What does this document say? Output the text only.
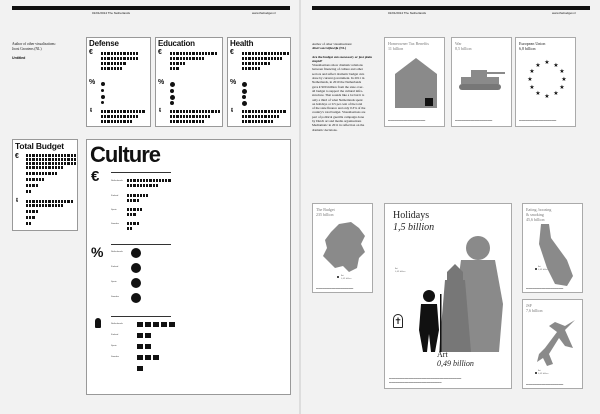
01/01/2014 The Netherlands	www.thebudget.nl
Author of other visualisations:
Joost Grootens (NL)
Untitled
Defense
€
%
ŧ
Education
€
%
ŧ
Health
€
%
ŧ
Total Budget
€
ŧ
Culture
€
%
Netherlands
Finland
Spain
Sweden
Netherlands
Finland
Spain
Sweden
Netherlands
Finland
Spain
Sweden
01/01/2014 The Netherlands	www.thebudget.nl
Author of other visualisations:
Abel van Gijlswijk (NL)
Are the budget cuts necessary or just plain stupid?
Visualisations show dramatic relations
between financing of culture and other
sectors and reflect dramatic budget cuts
done by current government. In 2011 in
Netherlands, in 2010 the Netherlands
gave € 900 million from the state over-
all budget to support the cultural infra-
structure. That sounds like a lot but it is
only a third of what Netherlands spent
on holidays or 0.5 per cent of the total
of the state finance and only 0.3% of the
country's total budget. Visualisations are
part of political guerilla campaign done
by Dutch art and media organisations
Mediamatic in 2011 in reflection on the
dramatic decisions.
Homeowner Tax Benefits
11 billion
▬▬▬▬▬▬▬▬▬▬▬▬▬▬▬▬▬
War
8,5 billion
▬▬▬▬▬▬▬▬▬▬▬▬▬▬▬▬▬
European Union
6,8 billion
★ ★
★
★
★
★
★
★
★
★
★
★
▬▬▬▬▬▬▬▬▬▬▬▬▬▬▬▬▬
The Budget
235 billion
Art
0,49 billion
▬▬▬▬▬▬▬▬▬▬▬▬▬▬▬▬▬
Holidays
1,5 billion
✝
Art
0,49 billion
Art
0,49 billion
▬▬▬▬▬▬▬▬▬▬▬▬▬▬▬▬▬▬▬▬▬▬▬▬▬▬▬▬▬▬▬▬▬
▬▬▬▬▬▬▬▬▬▬▬▬▬▬▬▬▬▬▬▬▬▬▬▬
Eating, boozing
& smoking
45,6 billion
Art
0,49 billion
▬▬▬▬▬▬▬▬▬▬▬▬▬▬▬▬▬
JSF
7,6 billion
Art
0,49 billion
▬▬▬▬▬▬▬▬▬▬▬▬▬▬▬▬▬
